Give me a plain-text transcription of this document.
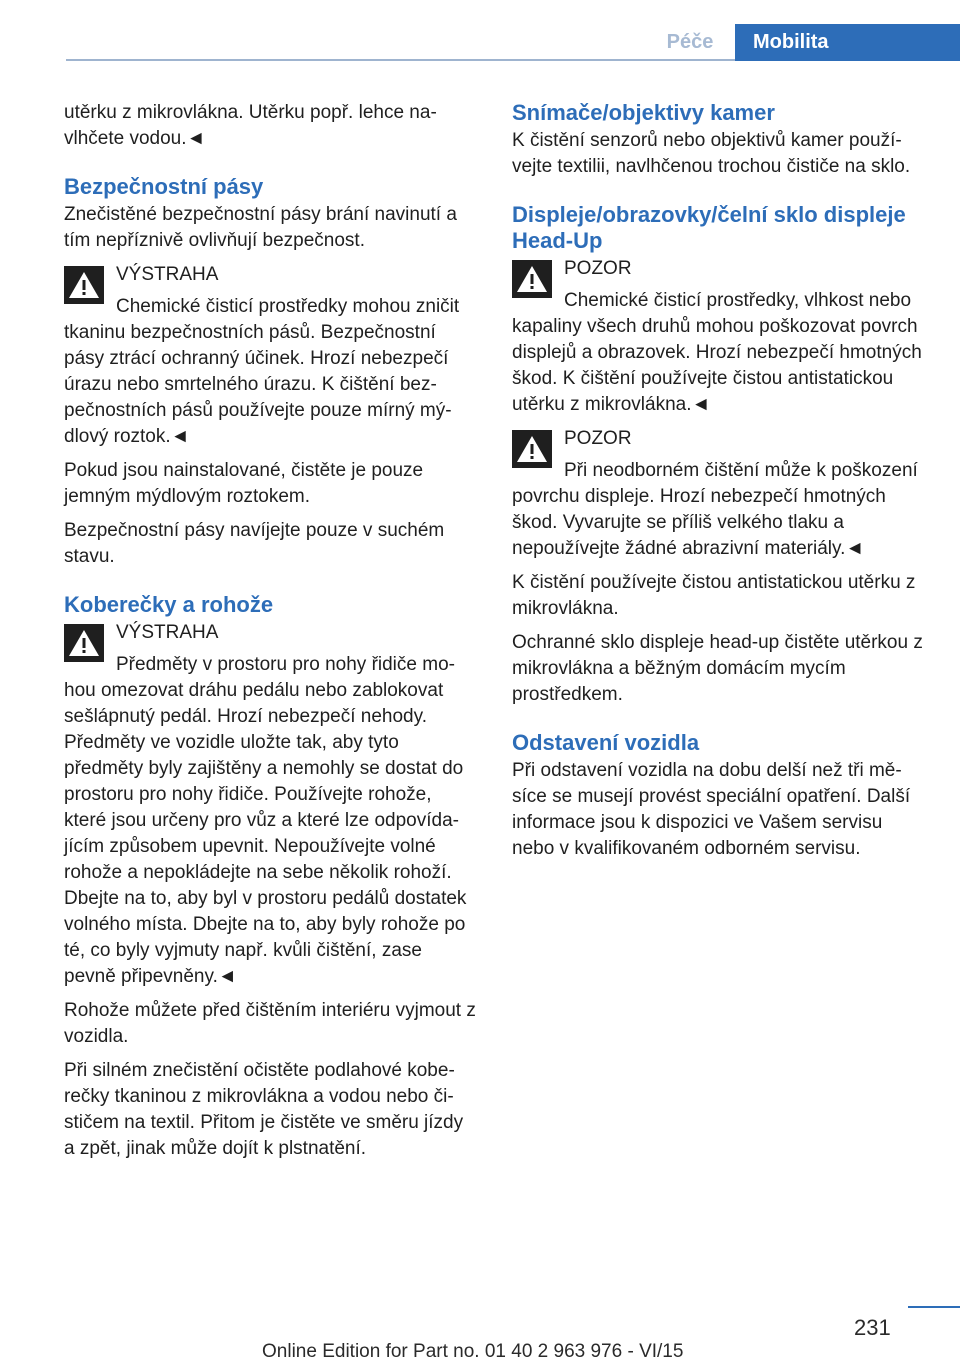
Péče	Mobilita

utěrku z mikrovlákna. Utěrku popř. lehce navlhčete vodou.◄

Bezpečnostní pásy

Znečistěné bezpečnostní pásy brání navinutí a tím nepříznivě ovlivňují bezpečnost.

VÝSTRAHA
Chemické čisticí prostředky mohou zničit tkaninu bezpečnostních pásů. Bezpečnostní pásy ztrácí ochranný účinek. Hrozí nebezpečí úrazu nebo smrtelného úrazu. K čištění bezpečnostních pásů používejte pouze mírný mýdlový roztok.◄

Pokud jsou nainstalované, čistěte je pouze jemným mýdlovým roztokem.

Bezpečnostní pásy navíjejte pouze v suchém stavu.

Koberečky a rohože
VÝSTRAHA
Předměty v prostoru pro nohy řidiče mohou omezovat dráhu pedálu nebo zablokovat sešlápnutý pedál. Hrozí nebezpečí nehody. Předměty ve vozidle uložte tak, aby tyto předměty byly zajištěny a nemohly se dostat do prostoru pro nohy řidiče. Používejte rohože, které jsou určeny pro vůz a které lze odpovídajícím způsobem upevnit. Nepoužívejte volné rohože a nepokládejte na sebe několik rohoží. Dbejte na to, aby byl v prostoru pedálů dostatek volného místa. Dbejte na to, aby byly rohože po té, co byly vyjmuty např. kvůli čištění, zase pevně připevněny.◄

Rohože můžete před čištěním interiéru vyjmout z vozidla.

Při silném znečistění očistěte podlahové koberečky tkaninou z mikrovlákna a vodou nebo čističem na textil. Přitom je čistěte ve směru jízdy a zpět, jinak může dojít k plstnatění.

Snímače/objektivy kamer

K čistění senzorů nebo objektivů kamer používejte textilii, navlhčenou trochou čističe na sklo.

Displeje/obrazovky/čelní sklo displeje Head-Up
POZOR
Chemické čisticí prostředky, vlhkost nebo kapaliny všech druhů mohou poškozovat povrch displejů a obrazovek. Hrozí nebezpečí hmotných škod. K čištění používejte čistou antistatickou utěrku z mikrovlákna.◄
POZOR
Při neodborném čištění může k poškození povrchu displeje. Hrozí nebezpečí hmotných škod. Vyvarujte se příliš velkého tlaku a nepoužívejte žádné abrazivní materiály.◄

K čistění používejte čistou antistatickou utěrku z mikrovlákna.

Ochranné sklo displeje head-up čistěte utěrkou z mikrovlákna a běžným domácím mycím prostředkem.

Odstavení vozidla

Při odstavení vozidla na dobu delší než tři měsíce se musejí provést speciální opatření. Další informace jsou k dispozici ve Vašem servisu nebo v kvalifikovaném odborném servisu.

231
Online Edition for Part no. 01 40 2 963 976 - VI/15
